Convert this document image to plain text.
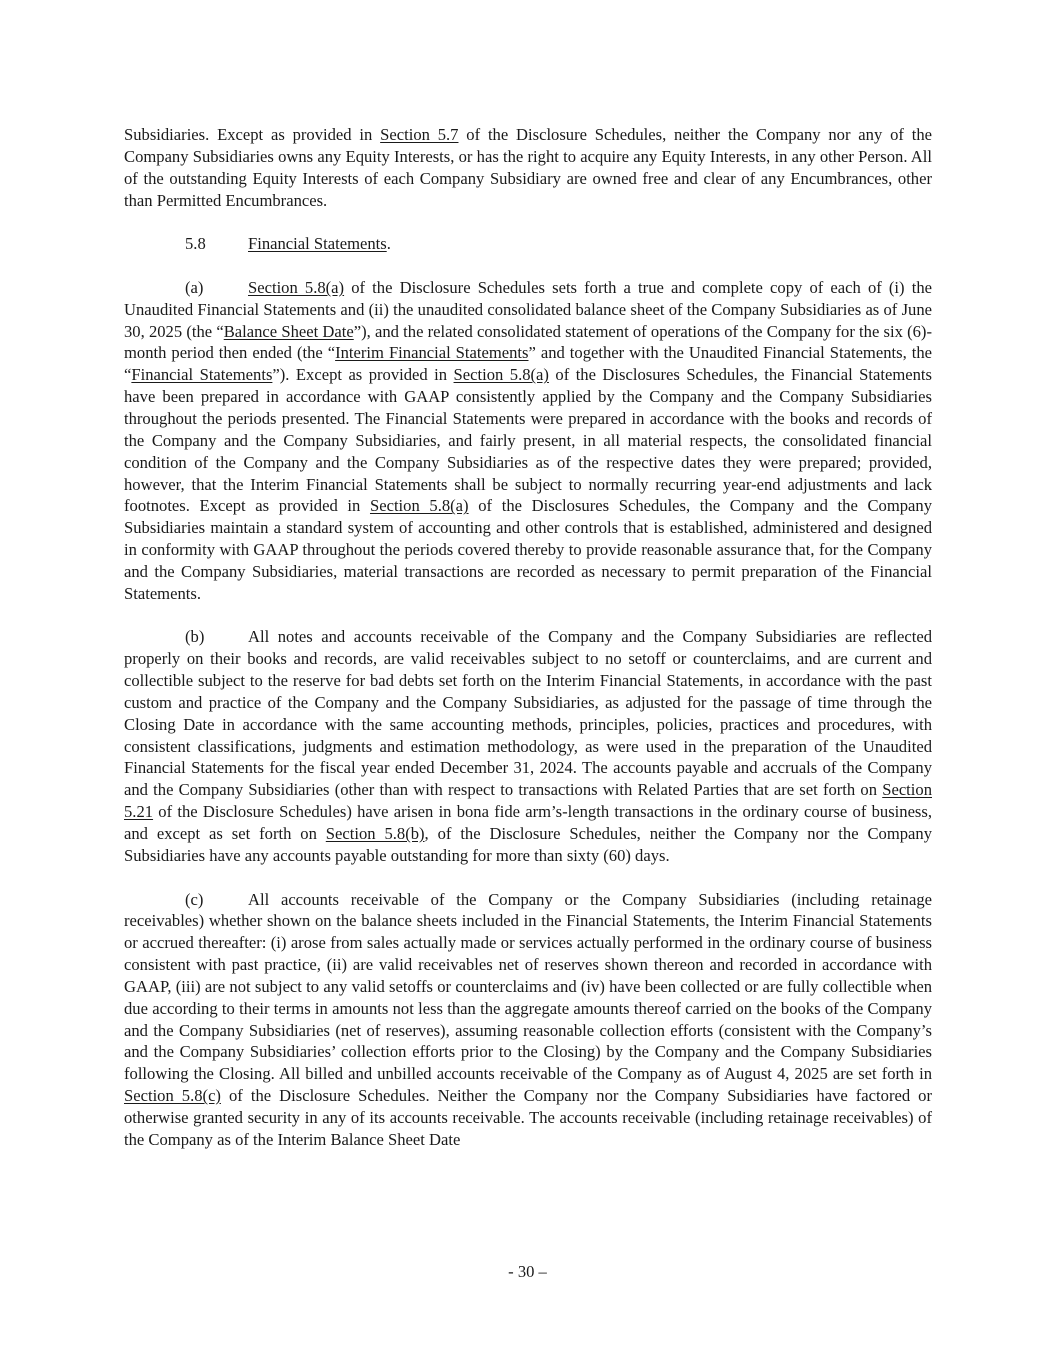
Subsidiaries. Except as provided in Section 5.7 of the Disclosure Schedules, neither the Company nor any of the Company Subsidiaries owns any Equity Interests, or has the right to acquire any Equity Interests, in any other Person. All of the outstanding Equity Interests of each Company Subsidiary are owned free and clear of any Encumbrances, other than Permitted Encumbrances.

5.8	Financial Statements.

(a)	Section 5.8(a) of the Disclosure Schedules sets forth a true and complete copy of each of (i) the Unaudited Financial Statements and (ii) the unaudited consolidated balance sheet of the Company Subsidiaries as of June 30, 2025 (the “Balance Sheet Date”), and the related consolidated statement of operations of the Company for the six (6)-month period then ended (the “Interim Financial Statements” and together with the Unaudited Financial Statements, the “Financial Statements”). Except as provided in Section 5.8(a) of the Disclosures Schedules, the Financial Statements have been prepared in accordance with GAAP consistently applied by the Company and the Company Subsidiaries throughout the periods presented. The Financial Statements were prepared in accordance with the books and records of the Company and the Company Subsidiaries, and fairly present, in all material respects, the consolidated financial condition of the Company and the Company Subsidiaries as of the respective dates they were prepared; provided, however, that the Interim Financial Statements shall be subject to normally recurring year-end adjustments and lack footnotes. Except as provided in Section 5.8(a) of the Disclosures Schedules, the Company and the Company Subsidiaries maintain a standard system of accounting and other controls that is established, administered and designed in conformity with GAAP throughout the periods covered thereby to provide reasonable assurance that, for the Company and the Company Subsidiaries, material transactions are recorded as necessary to permit preparation of the Financial Statements.

(b)	All notes and accounts receivable of the Company and the Company Subsidiaries are reflected properly on their books and records, are valid receivables subject to no setoff or counterclaims, and are current and collectible subject to the reserve for bad debts set forth on the Interim Financial Statements, in accordance with the past custom and practice of the Company and the Company Subsidiaries, as adjusted for the passage of time through the Closing Date in accordance with the same accounting methods, principles, policies, practices and procedures, with consistent classifications, judgments and estimation methodology, as were used in the preparation of the Unaudited Financial Statements for the fiscal year ended December 31, 2024. The accounts payable and accruals of the Company and the Company Subsidiaries (other than with respect to transactions with Related Parties that are set forth on Section 5.21 of the Disclosure Schedules) have arisen in bona fide arm’s-length transactions in the ordinary course of business, and except as set forth on Section 5.8(b), of the Disclosure Schedules, neither the Company nor the Company Subsidiaries have any accounts payable outstanding for more than sixty (60) days.

(c)	All accounts receivable of the Company or the Company Subsidiaries (including retainage receivables) whether shown on the balance sheets included in the Financial Statements, the Interim Financial Statements or accrued thereafter: (i) arose from sales actually made or services actually performed in the ordinary course of business consistent with past practice, (ii) are valid receivables net of reserves shown thereon and recorded in accordance with GAAP, (iii) are not subject to any valid setoffs or counterclaims and (iv) have been collected or are fully collectible when due according to their terms in amounts not less than the aggregate amounts thereof carried on the books of the Company and the Company Subsidiaries (net of reserves), assuming reasonable collection efforts (consistent with the Company’s and the Company Subsidiaries’ collection efforts prior to the Closing) by the Company and the Company Subsidiaries following the Closing. All billed and unbilled accounts receivable of the Company as of August 4, 2025 are set forth in Section 5.8(c) of the Disclosure Schedules. Neither the Company nor the Company Subsidiaries have factored or otherwise granted security in any of its accounts receivable. The accounts receivable (including retainage receivables) of the Company as of the Interim Balance Sheet Date

- 30 –
